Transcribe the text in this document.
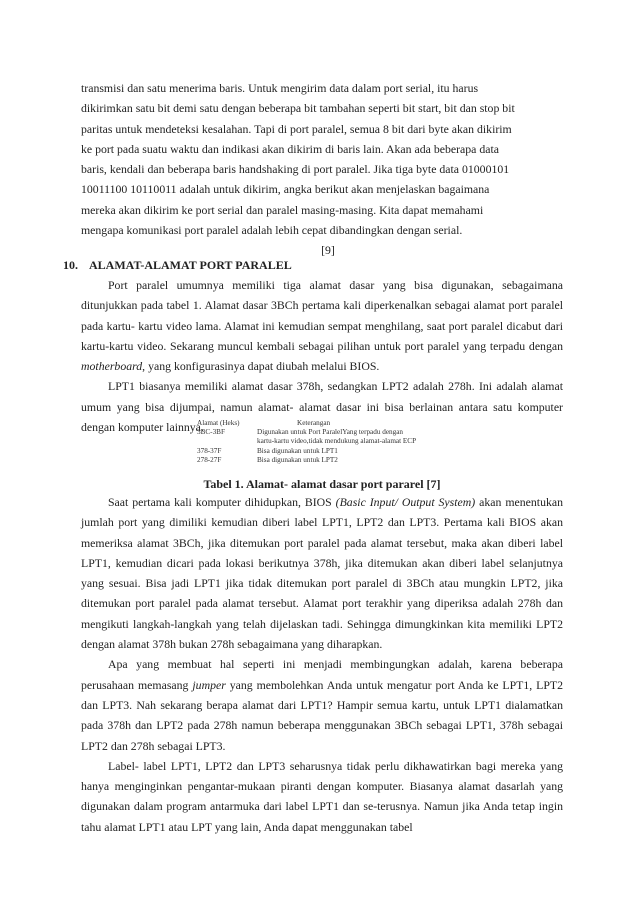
transmisi dan satu menerima baris. Untuk mengirim data dalam port serial, itu harus

dikirimkan satu bit demi satu dengan beberapa bit tambahan seperti bit start, bit dan stop bit

paritas untuk mendeteksi kesalahan. Tapi di port paralel, semua 8 bit dari byte akan dikirim

ke port pada suatu waktu dan indikasi akan dikirim di baris lain. Akan ada beberapa data

baris, kendali dan beberapa baris handshaking di port paralel. Jika tiga byte data 01000101

10011100 10110011 adalah untuk dikirim, angka berikut akan menjelaskan bagaimana

mereka akan dikirim ke port serial dan paralel masing-masing. Kita dapat memahami

mengapa komunikasi port paralel adalah lebih cepat dibandingkan dengan serial.

[9]

10. ALAMAT-ALAMAT PORT PARALEL

Port paralel umumnya memiliki tiga alamat dasar yang bisa digunakan, sebagaimana ditunjukkan pada tabel 1. Alamat dasar 3BCh pertama kali diperkenalkan sebagai alamat port paralel pada kartu- kartu video lama. Alamat ini kemudian sempat menghilang, saat port paralel dicabut dari kartu-kartu video. Sekarang muncul kembali sebagai pilihan untuk port paralel yang terpadu dengan motherboard, yang konfigurasinya dapat diubah melalui BIOS.

LPT1 biasanya memiliki alamat dasar 378h, sedangkan LPT2 adalah 278h. Ini adalah alamat umum yang bisa dijumpai, namun alamat- alamat dasar ini bisa berlainan antara satu komputer dengan komputer lainnya.

Alamat (Heks)	Keterangan
3BC-3BF	Digunakan untuk Port ParalelYang terpadu dengan
	kartu-kartu video,tidak mendukung alamat-alamat ECP
378-37F	Bisa digunakan untuk LPT1
278-27F	Bisa digunakan untuk LPT2
Tabel 1. Alamat- alamat dasar port pararel [7]

Saat pertama kali komputer dihidupkan, BIOS (Basic Input/ Output System) akan menentukan jumlah port yang dimiliki kemudian diberi label LPT1, LPT2 dan LPT3. Pertama kali BIOS akan memeriksa alamat 3BCh, jika ditemukan port paralel pada alamat tersebut, maka akan diberi label LPT1, kemudian dicari pada lokasi berikutnya 378h, jika ditemukan akan diberi label selanjutnya yang sesuai. Bisa jadi LPT1 jika tidak ditemukan port paralel di 3BCh atau mungkin LPT2, jika ditemukan port paralel pada alamat tersebut. Alamat port terakhir yang diperiksa adalah 278h dan mengikuti langkah-langkah yang telah dijelaskan tadi. Sehingga dimungkinkan kita memiliki LPT2 dengan alamat 378h bukan 278h sebagaimana yang diharapkan.

Apa yang membuat hal seperti ini menjadi membingungkan adalah, karena beberapa perusahaan memasang jumper yang membolehkan Anda untuk mengatur port Anda ke LPT1, LPT2 dan LPT3. Nah sekarang berapa alamat dari LPT1? Hampir semua kartu, untuk LPT1 dialamatkan pada 378h dan LPT2 pada 278h namun beberapa menggunakan 3BCh sebagai LPT1, 378h sebagai LPT2 dan 278h sebagai LPT3.

Label- label LPT1, LPT2 dan LPT3 seharusnya tidak perlu dikhawatirkan bagi mereka yang hanya menginginkan pengantar-mukaan piranti dengan komputer. Biasanya alamat dasarlah yang digunakan dalam program antarmuka dari label LPT1 dan se-terusnya. Namun jika Anda tetap ingin tahu alamat LPT1 atau LPT yang lain, Anda dapat menggunakan tabel
